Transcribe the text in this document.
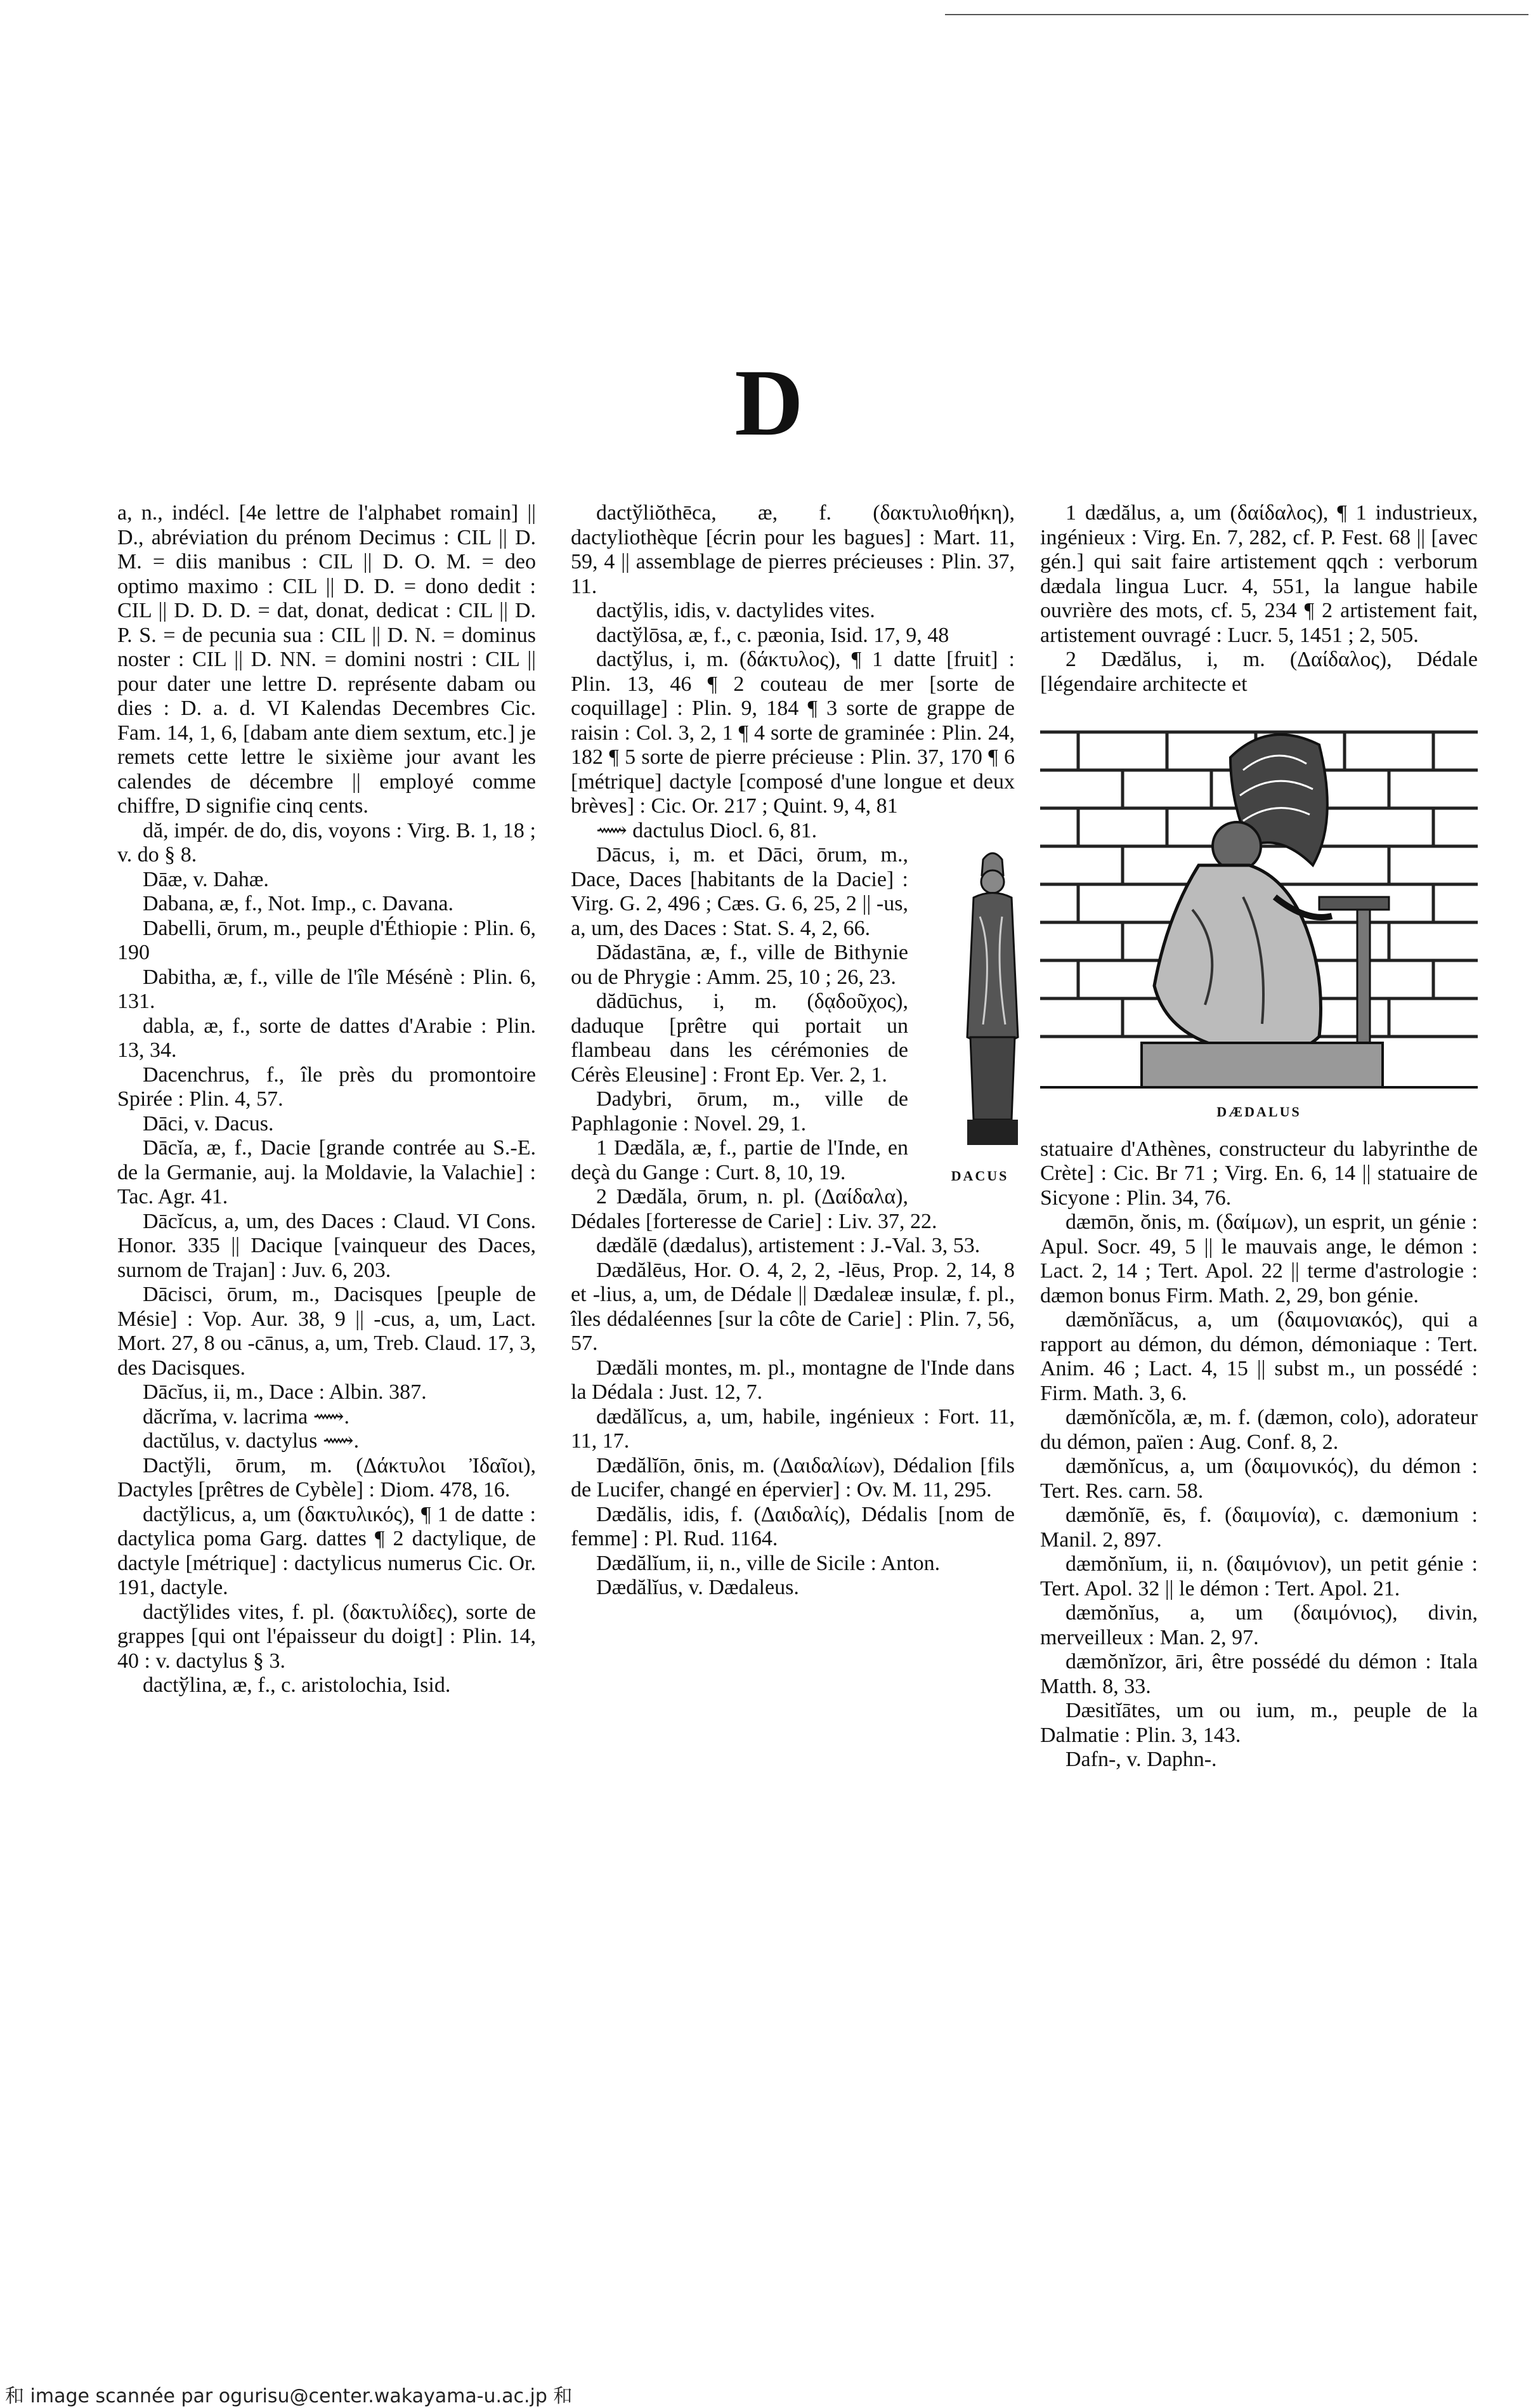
D

a, n., indécl. [4e lettre de l'alphabet romain] || D., abréviation du prénom Decimus : CIL || D. M. = diis manibus : CIL || D. O. M. = deo optimo maximo : CIL || D. D. = dono dedit : CIL || D. D. D. = dat, donat, dedicat : CIL || D. P. S. = de pecunia sua : CIL || D. N. = dominus noster : CIL || D. NN. = domini nostri : CIL || pour dater une lettre D. représente dabam ou dies : D. a. d. VI Kalendas Decembres Cic. Fam. 14, 1, 6, [dabam ante diem sextum, etc.] je remets cette lettre le sixième jour avant les calendes de décembre || employé comme chiffre, D signifie cinq cents.

dă, impér. de do, dis, voyons : Virg. B. 1, 18 ; v. do § 8.

Dāæ, v. Dahæ.

Dabana, æ, f., Not. Imp., c. Davana.

Dabelli, ōrum, m., peuple d'Éthiopie : Plin. 6, 190

Dabitha, æ, f., ville de l'île Mésénè : Plin. 6, 131.

dabla, æ, f., sorte de dattes d'Arabie : Plin. 13, 34.

Dacenchrus, f., île près du promontoire Spirée : Plin. 4, 57.

Dāci, v. Dacus.

Dācĭa, æ, f., Dacie [grande contrée au S.-E. de la Germanie, auj. la Moldavie, la Valachie] : Tac. Agr. 41.

Dācĭcus, a, um, des Daces : Claud. VI Cons. Honor. 335 || Dacique [vainqueur des Daces, surnom de Trajan] : Juv. 6, 203.

Dācisci, ōrum, m., Dacisques [peuple de Mésie] : Vop. Aur. 38, 9 || -cus, a, um, Lact. Mort. 27, 8 ou -cānus, a, um, Treb. Claud. 17, 3, des Dacisques.

Dācĭus, ii, m., Dace : Albin. 387.

dăcrĭma, v. lacrima ⟿.

dactŭlus, v. dactylus ⟿.

Dactўli, ōrum, m. (Δάκτυλοι Ἰδαῖοι), Dactyles [prêtres de Cybèle] : Diom. 478, 16.

dactўlicus, a, um (δακτυλικός), ¶ 1 de datte : dactylica poma Garg. dattes ¶ 2 dactylique, de dactyle [métrique] : dactylicus numerus Cic. Or. 191, dactyle.

dactўlides vites, f. pl. (δακτυλίδες), sorte de grappes [qui ont l'épaisseur du doigt] : Plin. 14, 40 : v. dactylus § 3.

dactўlina, æ, f., c. aristolochia, Isid.

dactўliŏthēca, æ, f. (δακτυλιοθήκη), dactyliothèque [écrin pour les bagues] : Mart. 11, 59, 4 || assemblage de pierres précieuses : Plin. 37, 11.

dactўlis, idis, v. dactylides vites.

dactўlōsa, æ, f., c. pæonia, Isid. 17, 9, 48

dactўlus, i, m. (δάκτυλος), ¶ 1 datte [fruit] : Plin. 13, 46 ¶ 2 couteau de mer [sorte de coquillage] : Plin. 9, 184 ¶ 3 sorte de grappe de raisin : Col. 3, 2, 1 ¶ 4 sorte de graminée : Plin. 24, 182 ¶ 5 sorte de pierre précieuse : Plin. 37, 170 ¶ 6 [métrique] dactyle [composé d'une longue et deux brèves] : Cic. Or. 217 ; Quint. 9, 4, 81

⟿ dactulus Diocl. 6, 81.

DACUS
Dācus, i, m. et Dāci, ōrum, m., Dace, Daces [habitants de la Dacie] : Virg. G. 2, 496 ; Cæs. G. 6, 25, 2 || -us, a, um, des Daces : Stat. S. 4, 2, 66.

Dădastāna, æ, f., ville de Bithynie ou de Phrygie : Amm. 25, 10 ; 26, 23.

dădūchus, i, m. (δᾳδοῦχος), daduque [prêtre qui portait un flambeau dans les cérémonies de Cérès Eleusine] : Front Ep. Ver. 2, 1.

Dadybri, ōrum, m., ville de Paphlagonie : Novel. 29, 1.

1 Dædăla, æ, f., partie de l'Inde, en deçà du Gange : Curt. 8, 10, 19.

2 Dædăla, ōrum, n. pl. (Δαίδαλα), Dédales [forteresse de Carie] : Liv. 37, 22.

dædălē (dædalus), artistement : J.-Val. 3, 53.

Dædălēus, Hor. O. 4, 2, 2, -lēus, Prop. 2, 14, 8 et -lius, a, um, de Dédale || Dædaleæ insulæ, f. pl., îles dédaléennes [sur la côte de Carie] : Plin. 7, 56, 57.

Dædăli montes, m. pl., montagne de l'Inde dans la Dédala : Just. 12, 7.

dædălĭcus, a, um, habile, ingénieux : Fort. 11, 11, 17.

Dædălĭōn, ōnis, m. (Δαιδαλίων), Dédalion [fils de Lucifer, changé en épervier] : Ov. M. 11, 295.

Dædălis, idis, f. (Δαιδαλίς), Dédalis [nom de femme] : Pl. Rud. 1164.

Dædălĭum, ii, n., ville de Sicile : Anton.

Dædălĭus, v. Dædaleus.

1 dædălus, a, um (δαίδαλος), ¶ 1 industrieux, ingénieux : Virg. En. 7, 282, cf. P. Fest. 68 || [avec gén.] qui sait faire artistement qqch : verborum dædala lingua Lucr. 4, 551, la langue habile ouvrière des mots, cf. 5, 234 ¶ 2 artistement fait, artistement ouvragé : Lucr. 5, 1451 ; 2, 505.

2 Dædălus, i, m. (Δαίδαλος), Dédale [légendaire architecte et

DÆDALUS

statuaire d'Athènes, constructeur du labyrinthe de Crète] : Cic. Br 71 ; Virg. En. 6, 14 || statuaire de Sicyone : Plin. 34, 76.

dæmōn, ŏnis, m. (δαίμων), un esprit, un génie : Apul. Socr. 49, 5 || le mauvais ange, le démon : Lact. 2, 14 ; Tert. Apol. 22 || terme d'astrologie : dæmon bonus Firm. Math. 2, 29, bon génie.

dæmŏnĭăcus, a, um (δαιμονιακός), qui a rapport au démon, du démon, démoniaque : Tert. Anim. 46 ; Lact. 4, 15 || subst m., un possédé : Firm. Math. 3, 6.

dæmŏnĭcŏla, æ, m. f. (dæmon, colo), adorateur du démon, païen : Aug. Conf. 8, 2.

dæmŏnĭcus, a, um (δαιμονικός), du démon : Tert. Res. carn. 58.

dæmŏnĭē, ēs, f. (δαιμονία), c. dæmonium : Manil. 2, 897.

dæmŏnĭum, ii, n. (δαιμόνιον), un petit génie : Tert. Apol. 32 || le démon : Tert. Apol. 21.

dæmŏnĭus, a, um (δαιμόνιος), divin, merveilleux : Man. 2, 97.

dæmŏnĭzor, āri, être possédé du démon : Itala Matth. 8, 33.

Dæsitĭātes, um ou ium, m., peuple de la Dalmatie : Plin. 3, 143.

Dafn-, v. Daphn-.

和 image scannée par ogurisu@center.wakayama-u.ac.jp 和
